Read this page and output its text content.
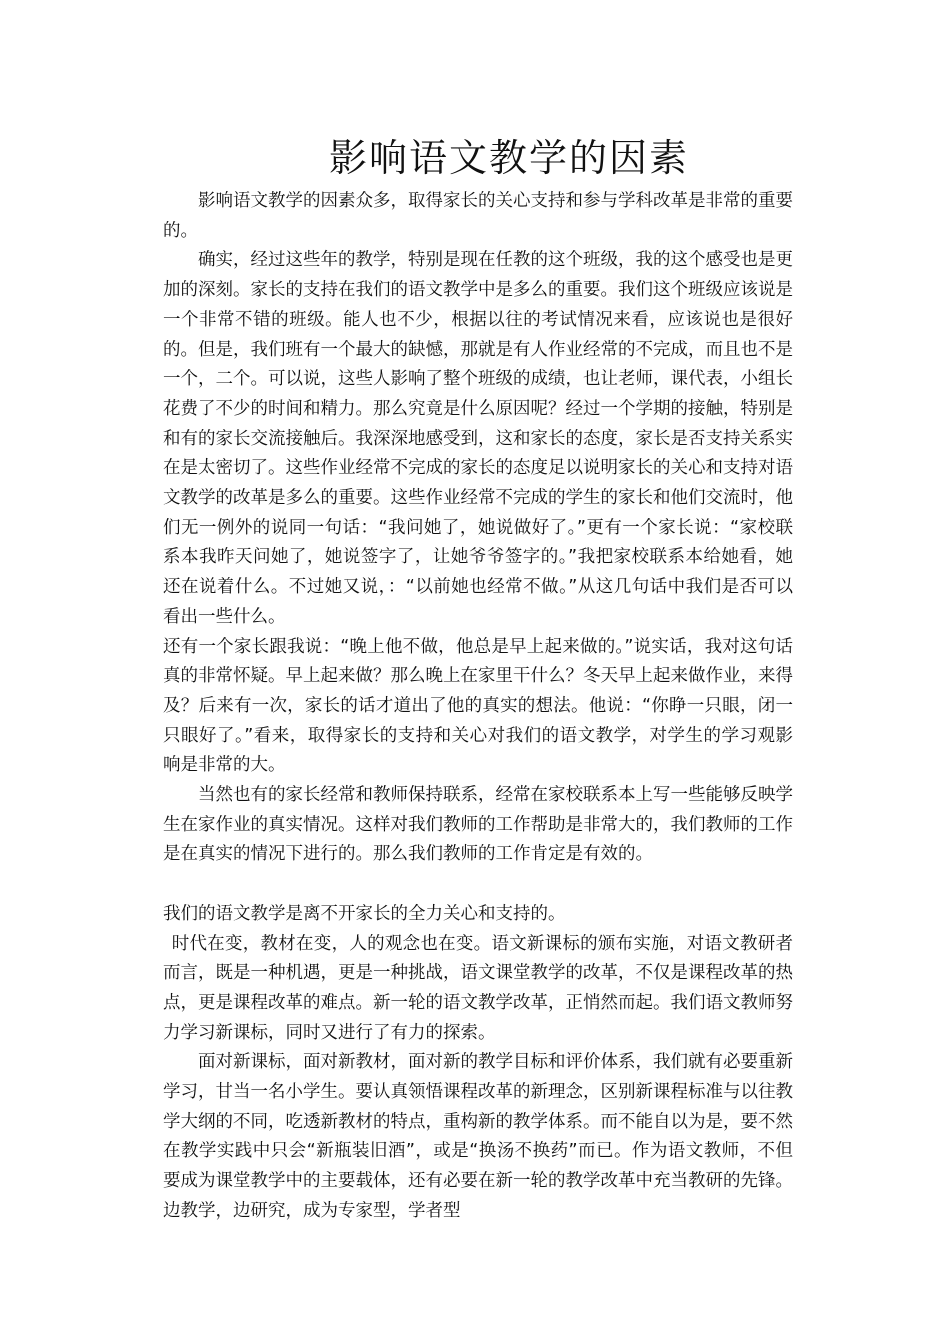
影响语文教学的因素

影响语文教学的因素众多，取得家长的关心支持和参与学科改革是非常的重要的。

确实，经过这些年的教学，特别是现在任教的这个班级，我的这个感受也是更加的深刻。家长的支持在我们的语文教学中是多么的重要。我们这个班级应该说是一个非常不错的班级。能人也不少，根据以往的考试情况来看，应该说也是很好的。但是，我们班有一个最大的缺憾，那就是有人作业经常的不完成，而且也不是一个，二个。可以说，这些人影响了整个班级的成绩，也让老师，课代表，小组长花费了不少的时间和精力。那么究竟是什么原因呢？经过一个学期的接触，特别是和有的家长交流接触后。我深深地感受到，这和家长的态度，家长是否支持关系实在是太密切了。这些作业经常不完成的家长的态度足以说明家长的关心和支持对语文教学的改革是多么的重要。这些作业经常不完成的学生的家长和他们交流时，他们无一例外的说同一句话：“我问她了，她说做好了。”更有一个家长说：“家校联系本我昨天问她了，她说签字了，让她爷爷签字的。”我把家校联系本给她看，她还在说着什么。不过她又说，：“以前她也经常不做。”从这几句话中我们是否可以看出一些什么。

还有一个家长跟我说：“晚上他不做，他总是早上起来做的。”说实话，我对这句话真的非常怀疑。早上起来做？那么晚上在家里干什么？冬天早上起来做作业，来得及？后来有一次，家长的话才道出了他的真实的想法。他说：“你睁一只眼，闭一只眼好了。”看来，取得家长的支持和关心对我们的语文教学，对学生的学习观影响是非常的大。

当然也有的家长经常和教师保持联系，经常在家校联系本上写一些能够反映学生在家作业的真实情况。这样对我们教师的工作帮助是非常大的，我们教师的工作是在真实的情况下进行的。那么我们教师的工作肯定是有效的。

我们的语文教学是离不开家长的全力关心和支持的。

时代在变，教材在变，人的观念也在变。语文新课标的颁布实施，对语文教研者而言，既是一种机遇，更是一种挑战，语文课堂教学的改革，不仅是课程改革的热点，更是课程改革的难点。新一轮的语文教学改革，正悄然而起。我们语文教师努力学习新课标，同时又进行了有力的探索。

面对新课标，面对新教材，面对新的教学目标和评价体系，我们就有必要重新学习，甘当一名小学生。要认真领悟课程改革的新理念，区别新课程标准与以往教学大纲的不同，吃透新教材的特点，重构新的教学体系。而不能自以为是，要不然在教学实践中只会“新瓶装旧酒”，或是“换汤不换药”而已。作为语文教师，不但要成为课堂教学中的主要载体，还有必要在新一轮的教学改革中充当教研的先锋。边教学，边研究，成为专家型，学者型
